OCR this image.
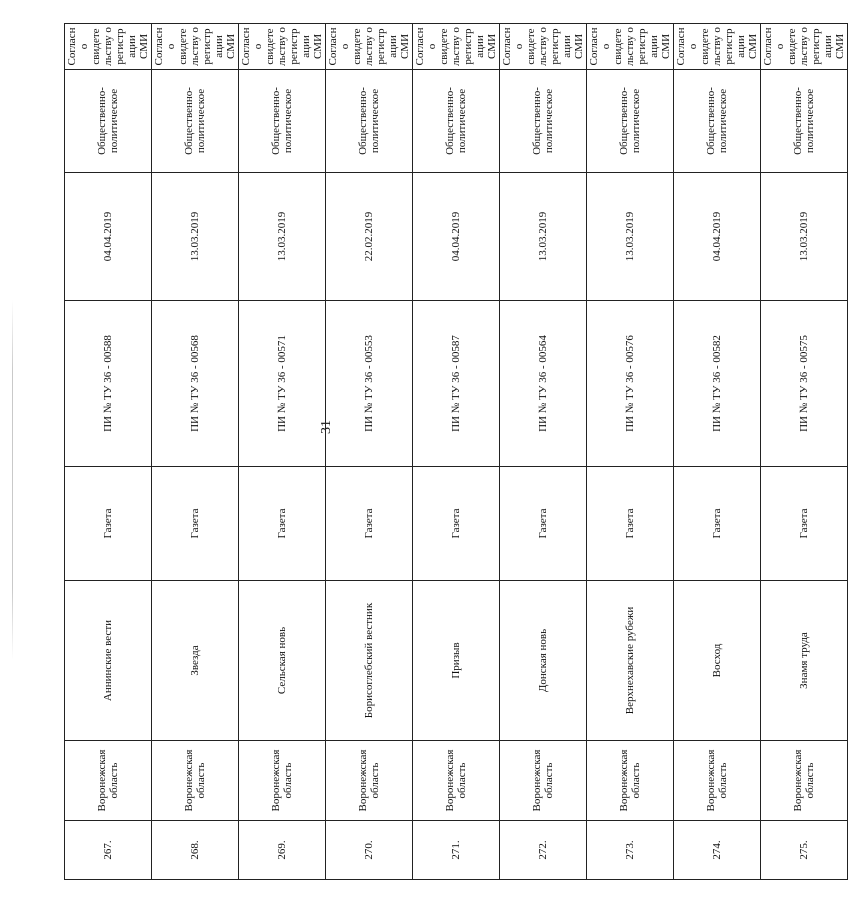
31
267.	Воронежская область	Аннинские вести	Газета	ПИ № ТУ 36 - 00588	04.04.2019	Общественно-политическое	Согласно свидетельству о регистрации СМИ
268.	Воронежская область	Звезда	Газета	ПИ № ТУ 36 - 00568	13.03.2019	Общественно-политическое	Согласно свидетельству о регистрации СМИ
269.	Воронежская область	Сельская новь	Газета	ПИ № ТУ 36 - 00571	13.03.2019	Общественно-политическое	Согласно свидетельству о регистрации СМИ
270.	Воронежская область	Борисоглебский вестник	Газета	ПИ № ТУ 36 - 00553	22.02.2019	Общественно-политическое	Согласно свидетельству о регистрации СМИ
271.	Воронежская область	Призыв	Газета	ПИ № ТУ 36 - 00587	04.04.2019	Общественно-политическое	Согласно свидетельству о регистрации СМИ
272.	Воронежская область	Донская новь	Газета	ПИ № ТУ 36 - 00564	13.03.2019	Общественно-политическое	Согласно свидетельству о регистрации СМИ
273.	Воронежская область	Верхнехавские рубежи	Газета	ПИ № ТУ 36 - 00576	13.03.2019	Общественно-политическое	Согласно свидетельству о регистрации СМИ
274.	Воронежская область	Восход	Газета	ПИ № ТУ 36 - 00582	04.04.2019	Общественно-политическое	Согласно свидетельству о регистрации СМИ
275.	Воронежская область	Знамя труда	Газета	ПИ № ТУ 36 - 00575	13.03.2019	Общественно-политическое	Согласно свидетельству о регистрации СМИ
